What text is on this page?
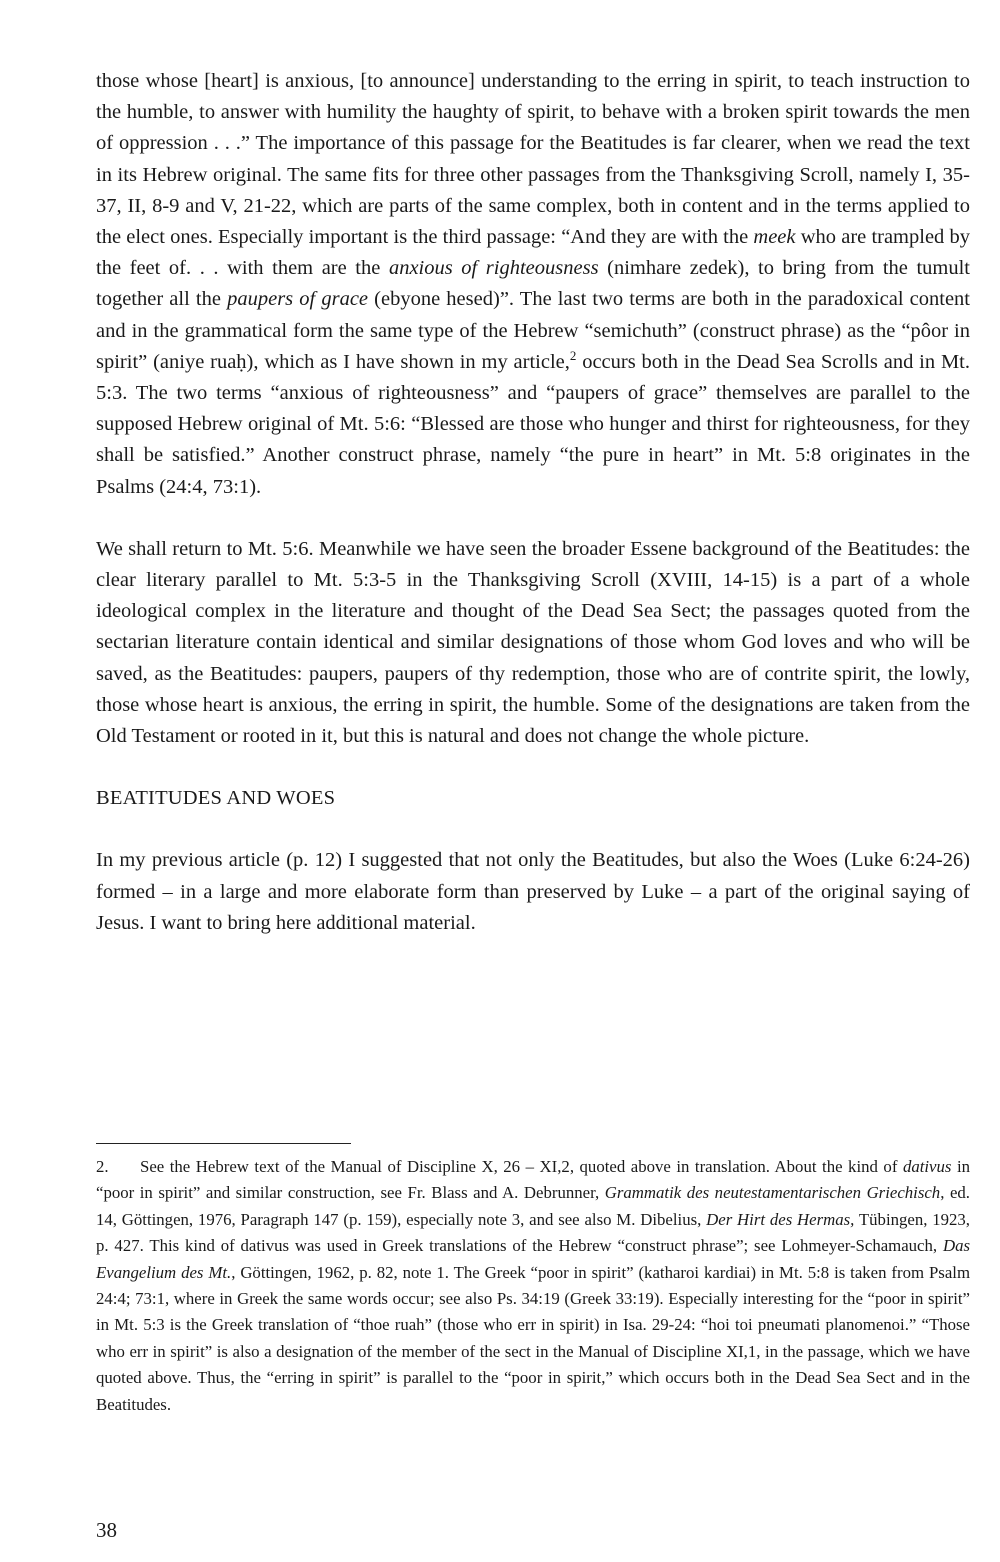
those whose [heart] is anxious, [to announce] understanding to the erring in spirit, to teach instruction to the humble, to answer with humility the haughty of spirit, to behave with a broken spirit towards the men of oppression . . .” The importance of this passage for the Beatitudes is far clearer, when we read the text in its Hebrew original. The same fits for three other passages from the Thanksgiving Scroll, namely I, 35-37, II, 8-9 and V, 21-22, which are parts of the same complex, both in content and in the terms applied to the elect ones. Especially important is the third passage: “And they are with the meek who are trampled by the feet of. . . with them are the anxious of righteousness (nimhare zedek), to bring from the tumult together all the paupers of grace (ebyone hesed)”. The last two terms are both in the paradoxical content and in the grammatical form the same type of the Hebrew “semichuth” (construct phrase) as the “pôor in spirit” (aniye ruaḥ), which as I have shown in my article,$^2$ occurs both in the Dead Sea Scrolls and in Mt. 5:3. The two terms “anxious of righteousness” and “paupers of grace” themselves are parallel to the supposed Hebrew original of Mt. 5:6: “Blessed are those who hunger and thirst for righteousness, for they shall be satisfied.” Another construct phrase, namely “the pure in heart” in Mt. 5:8 originates in the Psalms (24:4, 73:1).

We shall return to Mt. 5:6. Meanwhile we have seen the broader Essene background of the Beatitudes: the clear literary parallel to Mt. 5:3-5 in the Thanksgiving Scroll (XVIII, 14-15) is a part of a whole ideological complex in the literature and thought of the Dead Sea Sect; the passages quoted from the sectarian literature contain identical and similar designations of those whom God loves and who will be saved, as the Beatitudes: paupers, paupers of thy redemption, those who are of contrite spirit, the lowly, those whose heart is anxious, the erring in spirit, the humble. Some of the designations are taken from the Old Testament or rooted in it, but this is natural and does not change the whole picture.

BEATITUDES AND WOES

In my previous article (p. 12) I suggested that not only the Beatitudes, but also the Woes (Luke 6:24-26) formed – in a large and more elaborate form than preserved by Luke – a part of the original saying of Jesus. I want to bring here additional material.

2. See the Hebrew text of the Manual of Discipline X, 26 – XI,2, quoted above in translation. About the kind of dativus in “poor in spirit” and similar construction, see Fr. Blass and A. Debrunner, Grammatik des neutestamentarischen Griechisch, ed. 14, Göttingen, 1976, Paragraph 147 (p. 159), especially note 3, and see also M. Dibelius, Der Hirt des Hermas, Tübingen, 1923, p. 427. This kind of dativus was used in Greek translations of the Hebrew “construct phrase”; see Lohmeyer-Schamauch, Das Evangelium des Mt., Göttingen, 1962, p. 82, note 1. The Greek “poor in spirit” (katharoi kardiai) in Mt. 5:8 is taken from Psalm 24:4; 73:1, where in Greek the same words occur; see also Ps. 34:19 (Greek 33:19). Especially interesting for the “poor in spirit” in Mt. 5:3 is the Greek translation of “thoe ruah” (those who err in spirit) in Isa. 29-24: “hoi toi pneumati planomenoi.” “Those who err in spirit” is also a designation of the member of the sect in the Manual of Discipline XI,1, in the passage, which we have quoted above. Thus, the “erring in spirit” is parallel to the “poor in spirit,” which occurs both in the Dead Sea Sect and in the Beatitudes.

38
